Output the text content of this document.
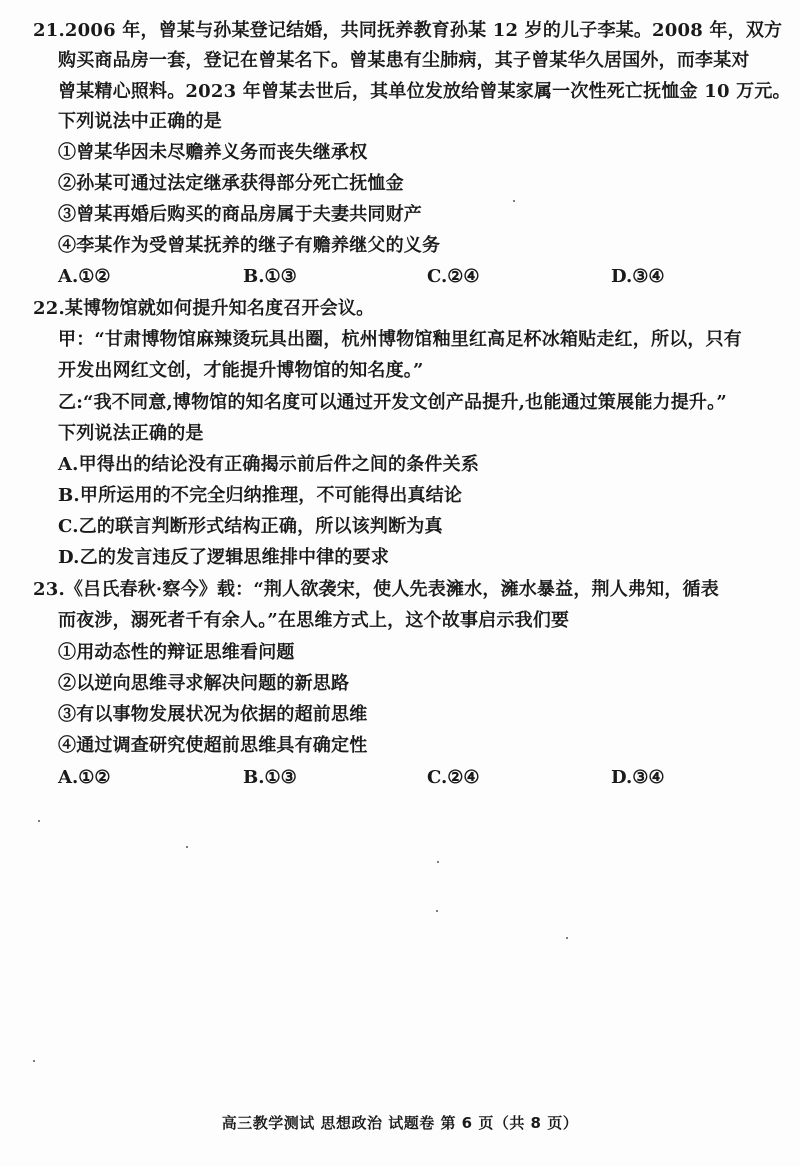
21.2006 年，曾某与孙某登记结婚，共同抚养教育孙某 12 岁的儿子李某。2008 年，双方
购买商品房一套，登记在曾某名下。曾某患有尘肺病，其子曾某华久居国外，而李某对
曾某精心照料。2023 年曾某去世后，其单位发放给曾某家属一次性死亡抚恤金 10 万元。
下列说法中正确的是
①曾某华因未尽赡养义务而丧失继承权
②孙某可通过法定继承获得部分死亡抚恤金
③曾某再婚后购买的商品房属于夫妻共同财产
④李某作为受曾某抚养的继子有赡养继父的义务
A.①②	B.①③	C.②④	D.③④
22.某博物馆就如何提升知名度召开会议。
甲：“甘肃博物馆麻辣烫玩具出圈，杭州博物馆釉里红高足杯冰箱贴走红，所以，只有
开发出网红文创，才能提升博物馆的知名度。”
乙:“我不同意,博物馆的知名度可以通过开发文创产品提升,也能通过策展能力提升。”
下列说法正确的是
A.甲得出的结论没有正确揭示前后件之间的条件关系
B.甲所运用的不完全归纳推理，不可能得出真结论
C.乙的联言判断形式结构正确，所以该判断为真
D.乙的发言违反了逻辑思维排中律的要求
23.《吕氏春秋·察今》载：“荆人欲袭宋，使人先表澭水，澭水暴益，荆人弗知，循表
而夜涉，溺死者千有余人。”在思维方式上，这个故事启示我们要
①用动态性的辩证思维看问题
②以逆向思维寻求解决问题的新思路
③有以事物发展状况为依据的超前思维
④通过调查研究使超前思维具有确定性
A.①②	B.①③	C.②④	D.③④
高三教学测试 思想政治 试题卷 第 6 页（共 8 页）
